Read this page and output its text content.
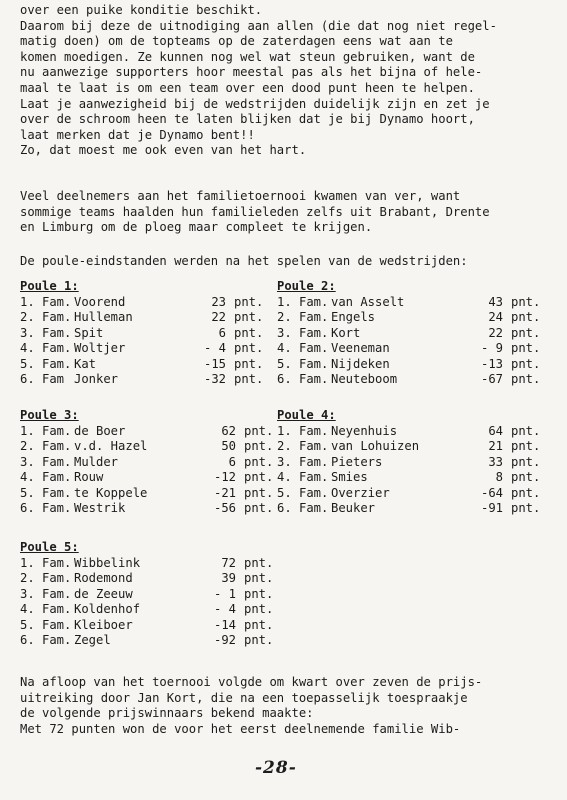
over een puike konditie beschikt.
Daarom bij deze de uitnodiging aan allen (die dat nog niet regel-
matig doen) om de topteams op de zaterdagen eens wat aan te
komen moedigen. Ze kunnen nog wel wat steun gebruiken, want de
nu aanwezige supporters hoor meestal pas als het bijna of hele-
maal te laat is om een team over een dood punt heen te helpen.
Laat je aanwezigheid bij de wedstrijden duidelijk zijn en zet je
over de schroom heen te laten blijken dat je bij Dynamo hoort,
laat merken dat je Dynamo bent!!
Zo, dat moest me ook even van het hart.
Veel deelnemers aan het familietoernooi kwamen van ver, want
sommige teams haalden hun familieleden zelfs uit Brabant, Drente
en Limburg om de ploeg maar compleet te krijgen.
De poule-eindstanden werden na het spelen van de wedstrijden:
Poule 1:
1.	Fam.	Voorend	23	pnt.
2.	Fam.	Hulleman	22	pnt.
3.	Fam.	Spit	6	pnt.
4.	Fam.	Woltjer	- 4	pnt.
5.	Fam.	Kat	-15	pnt.
6.	Fam	Jonker	-32	pnt.
Poule 2:
1.	Fam.	van Asselt	43	pnt.
2.	Fam.	Engels	24	pnt.
3.	Fam.	Kort	22	pnt.
4.	Fam.	Veeneman	- 9	pnt.
5.	Fam.	Nijdeken	-13	pnt.
6.	Fam.	Neuteboom	-67	pnt.
Poule 3:
1.	Fam.	de Boer	62	pnt.
2.	Fam.	v.d. Hazel	50	pnt.
3.	Fam.	Mulder	6	pnt.
4.	Fam.	Rouw	-12	pnt.
5.	Fam.	te Koppele	-21	pnt.
6.	Fam.	Westrik	-56	pnt.
Poule 4:
1.	Fam.	Neyenhuis	64	pnt.
2.	Fam.	van Lohuizen	21	pnt.
3.	Fam.	Pieters	33	pnt.
4.	Fam.	Smies	8	pnt.
5.	Fam.	Overzier	-64	pnt.
6.	Fam.	Beuker	-91	pnt.
Poule 5:
1.	Fam.	Wibbelink	72	pnt.
2.	Fam.	Rodemond	39	pnt.
3.	Fam.	de Zeeuw	- 1	pnt.
4.	Fam.	Koldenhof	- 4	pnt.
5.	Fam.	Kleiboer	-14	pnt.
6.	Fam.	Zegel	-92	pnt.
Na afloop van het toernooi volgde om kwart over zeven de prijs-
uitreiking door Jan Kort, die na een toepasselijk toespraakje
de volgende prijswinnaars bekend maakte:
Met 72 punten won de voor het eerst deelnemende familie Wib-
-28-
